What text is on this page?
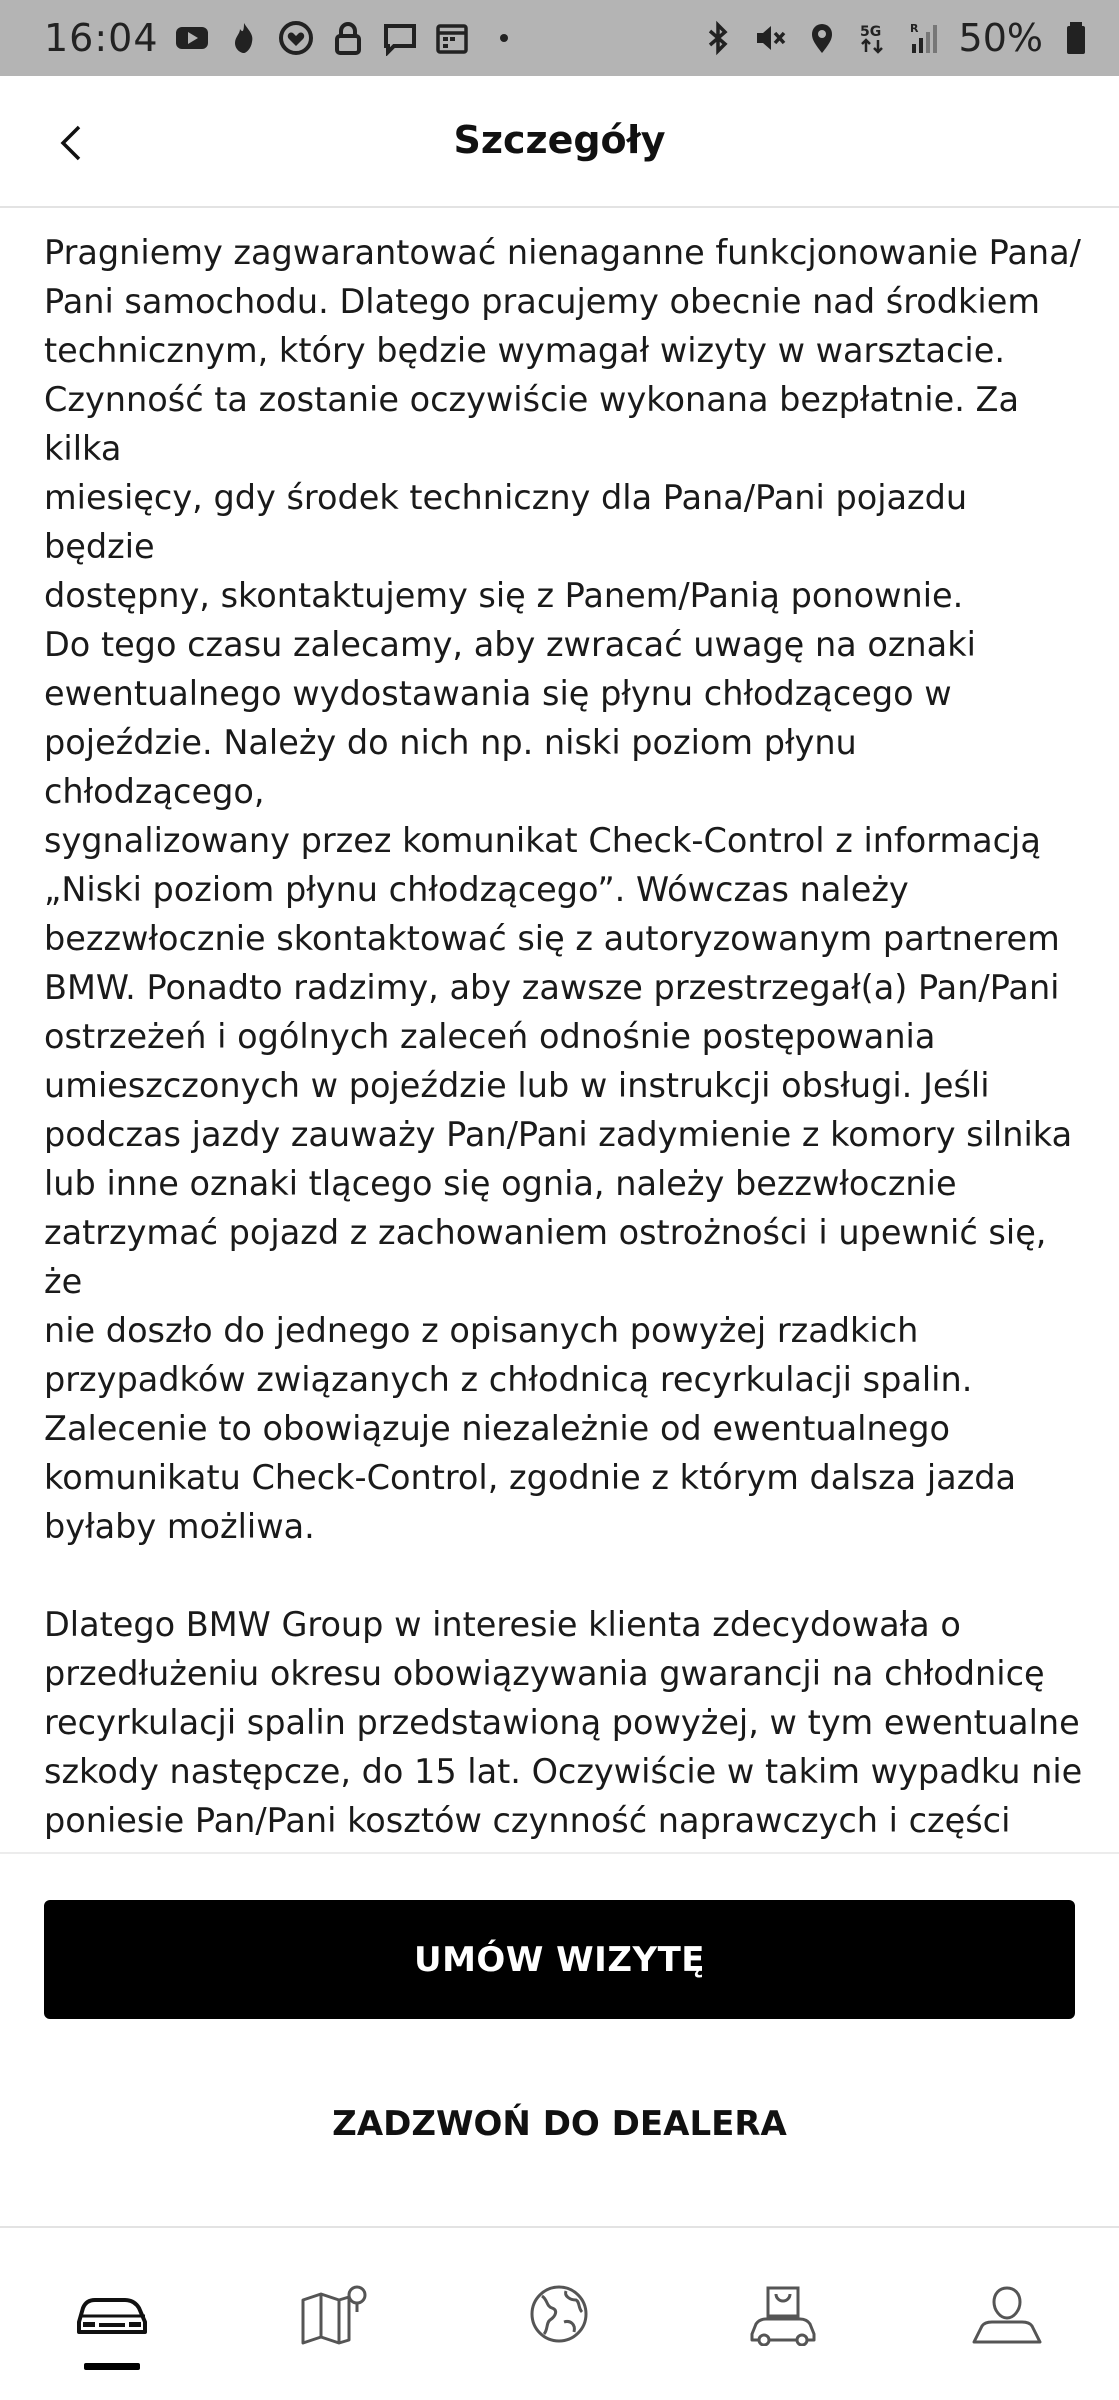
16:04	5G	R 50%
Szczegóły

Pragniemy zagwarantować nienaganne funkcjonowanie Pana/
Pani samochodu. Dlatego pracujemy obecnie nad środkiem
technicznym, który będzie wymagał wizyty w warsztacie.
Czynność ta zostanie oczywiście wykonana bezpłatnie. Za kilka
miesięcy, gdy środek techniczny dla Pana/Pani pojazdu będzie
dostępny, skontaktujemy się z Panem/Panią ponownie.
Do tego czasu zalecamy, aby zwracać uwagę na oznaki
ewentualnego wydostawania się płynu chłodzącego w
pojeździe. Należy do nich np. niski poziom płynu chłodzącego,
sygnalizowany przez komunikat Check-Control z informacją
„Niski poziom płynu chłodzącego”. Wówczas należy
bezzwłocznie skontaktować się z autoryzowanym partnerem
BMW. Ponadto radzimy, aby zawsze przestrzegał(a) Pan/Pani
ostrzeżeń i ogólnych zaleceń odnośnie postępowania
umieszczonych w pojeździe lub w instrukcji obsługi. Jeśli
podczas jazdy zauważy Pan/Pani zadymienie z komory silnika
lub inne oznaki tlącego się ognia, należy bezzwłocznie
zatrzymać pojazd z zachowaniem ostrożności i upewnić się, że
nie doszło do jednego z opisanych powyżej rzadkich
przypadków związanych z chłodnicą recyrkulacji spalin.
Zalecenie to obowiązuje niezależnie od ewentualnego
komunikatu Check-Control, zgodnie z którym dalsza jazda
byłaby możliwa.

Dlatego BMW Group w interesie klienta zdecydowała o
przedłużeniu okresu obowiązywania gwarancji na chłodnicę
recyrkulacji spalin przedstawioną powyżej, w tym ewentualne
szkody następcze, do 15 lat. Oczywiście w takim wypadku nie
poniesie Pan/Pani kosztów czynność naprawczych i części

UMÓW WIZYTĘ
ZADZWOŃ DO DEALERA
